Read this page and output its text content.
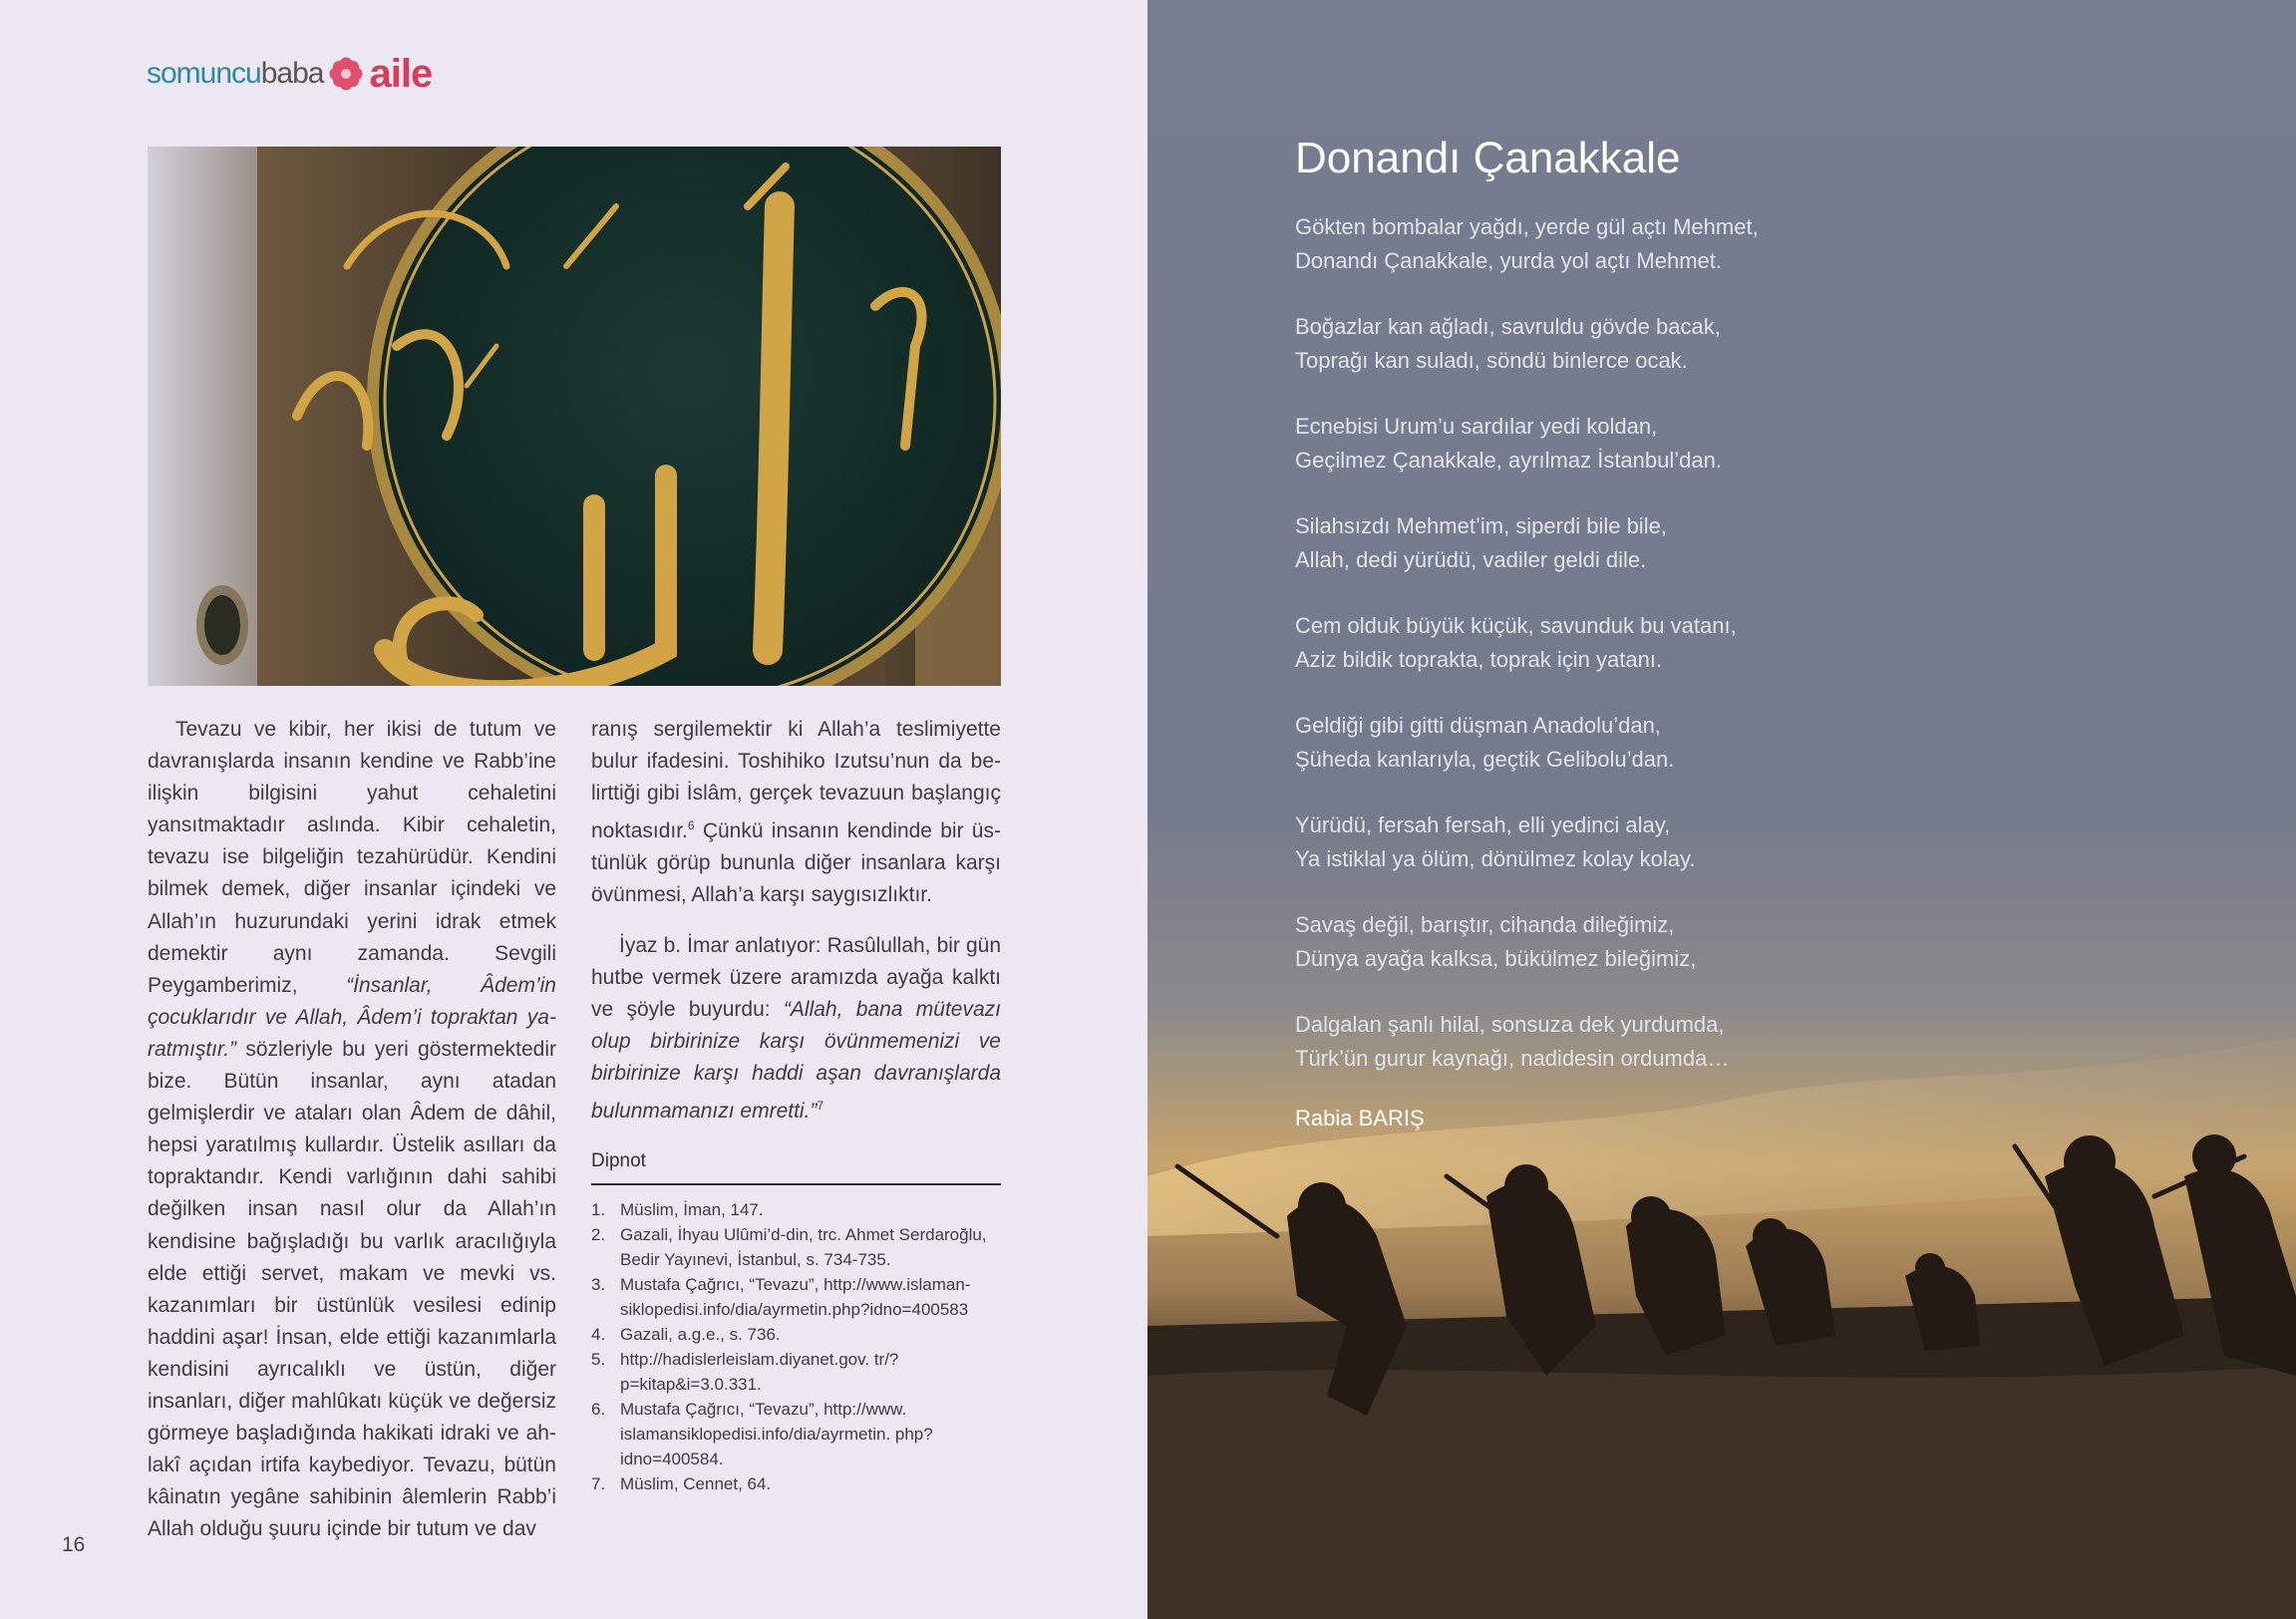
somuncubaba aile

Tevazu ve kibir, her ikisi de tutum ve davranışlarda insanın kendine ve Rabb’ine ilişkin bilgisini yahut cehaletini yansıtmaktadır aslında. Kibir cehaletin, tevazu ise bilgeliğin tezahürüdür. Kendini bilmek demek, diğer insanlar içindeki ve Allah’ın huzurundaki yerini idrak etmek demektir aynı zamanda. Sevgili Peygamberimiz, “İnsanlar, Âdem’in çocuklarıdır ve Allah, Âdem’i topraktan yaratmıştır.” sözleriyle bu yeri göstermektedir bize. Bütün insanlar, aynı atadan gelmişlerdir ve ataları olan Âdem de dâhil, hepsi yaratılmış kullardır. Üstelik asılları da topraktandır. Kendi varlığının dahi sahibi değilken insan nasıl olur da Allah’ın kendisine bağışladığı bu varlık aracılığıyla elde ettiği servet, makam ve mevki vs. kazanımları bir üstünlük vesilesi edinip haddini aşar! İnsan, elde ettiği kazanımlarla kendisini ayrıcalıklı ve üstün, diğer insanları, diğer mahlûkatı küçük ve değersiz görmeye başladığında hakikati idraki ve ahlakî açıdan irtifa kaybediyor. Tevazu, bütün kâinatın yegâne sahibinin âlemlerin Rabb’i Allah olduğu şuuru içinde bir tutum ve dav

ranış sergilemektir ki Allah’a teslimiyette bulur ifadesini. Toshihiko Izutsu’nun da belirttiği gibi İslâm, gerçek tevazuun başlangıç noktasıdır.$^6$ Çünkü insanın kendinde bir üstünlük görüp bununla diğer insanlara karşı övünmesi, Allah’a karşı saygısızlıktır.

İyaz b. İmar anlatıyor: Rasûlullah, bir gün hutbe vermek üzere aramızda ayağa kalktı ve şöyle buyurdu: “Allah, bana mütevazı olup birbirinize karşı övünmemenizi ve birbirinize karşı haddi aşan davranışlarda bulunmamanızı emretti.”$^7$

Dipnot
1. Müslim, İman, 147.
2. Gazali, İhyau Ulûmi’d-din, trc. Ahmet Serdaroğlu, Bedir Yayınevi, İstanbul, s. 734-735.
3. Mustafa Çağrıcı, “Tevazu”, http://www.islamansiklopedisi.info/dia/ayrmetin.php?idno=400583
4. Gazali, a.g.e., s. 736.
5. http://hadislerleislam.diyanet.gov. tr/?p=kitap&i=3.0.331.
6. Mustafa Çağrıcı, “Tevazu”, http://www. islamansiklopedisi.info/dia/ayrmetin. php?idno=400584.
7. Müslim, Cennet, 64.
16
Donandı Çanakkale
Gökten bombalar yağdı, yerde gül açtı Mehmet,
Donandı Çanakkale, yurda yol açtı Mehmet.
Boğazlar kan ağladı, savruldu gövde bacak,
Toprağı kan suladı, söndü binlerce ocak.
Ecnebisi Urum’u sardılar yedi koldan,
Geçilmez Çanakkale, ayrılmaz İstanbul’dan.
Silahsızdı Mehmet’im, siperdi bile bile,
Allah, dedi yürüdü, vadiler geldi dile.
Cem olduk büyük küçük, savunduk bu vatanı,
Aziz bildik toprakta, toprak için yatanı.
Geldiği gibi gitti düşman Anadolu’dan,
Şüheda kanlarıyla, geçtik Gelibolu’dan.
Yürüdü, fersah fersah, elli yedinci alay,
Ya istiklal ya ölüm, dönülmez kolay kolay.
Savaş değil, barıştır, cihanda dileğimiz,
Dünya ayağa kalksa, bükülmez bileğimiz,
Dalgalan şanlı hilal, sonsuza dek yurdumda,
Türk’ün gurur kaynağı, nadidesin ordumda…
Rabia BARIŞ
